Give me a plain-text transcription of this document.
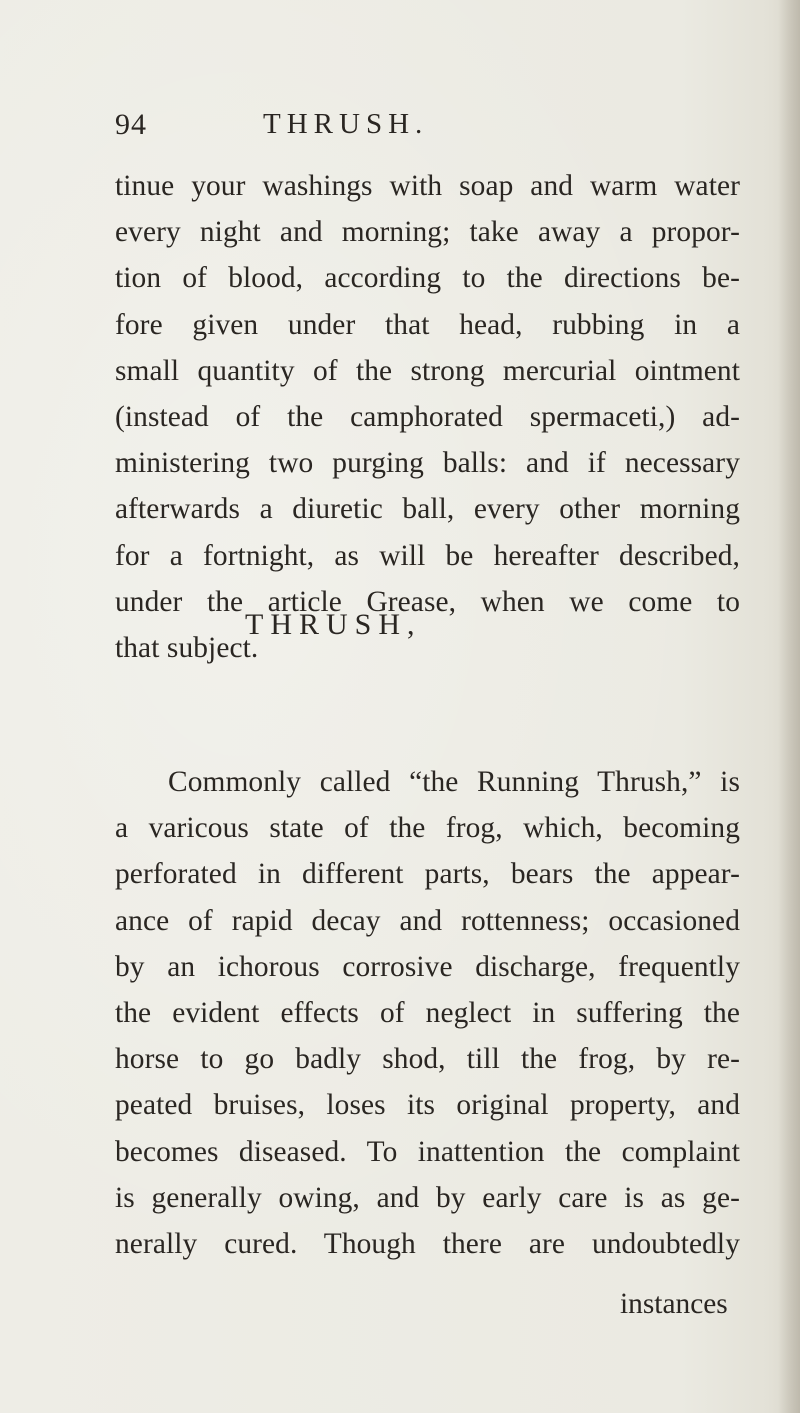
94	THRUSH.
tinue your washings with soap and warm water
every night and morning; take away a propor-
tion of blood, according to the directions be-
fore given under that head, rubbing in a
small quantity of the strong mercurial ointment
(instead of the camphorated spermaceti,) ad-
ministering two purging balls: and if necessary
afterwards a diuretic ball, every other morning
for a fortnight, as will be hereafter described,
under the article Grease, when we come to
that subject.
THRUSH,
Commonly called “the Running Thrush,” is
a varicous state of the frog, which, becoming
perforated in different parts, bears the appear-
ance of rapid decay and rottenness; occasioned
by an ichorous corrosive discharge, frequently
the evident effects of neglect in suffering the
horse to go badly shod, till the frog, by re-
peated bruises, loses its original property, and
becomes diseased. To inattention the complaint
is generally owing, and by early care is as ge-
nerally cured. Though there are undoubtedly
instances
